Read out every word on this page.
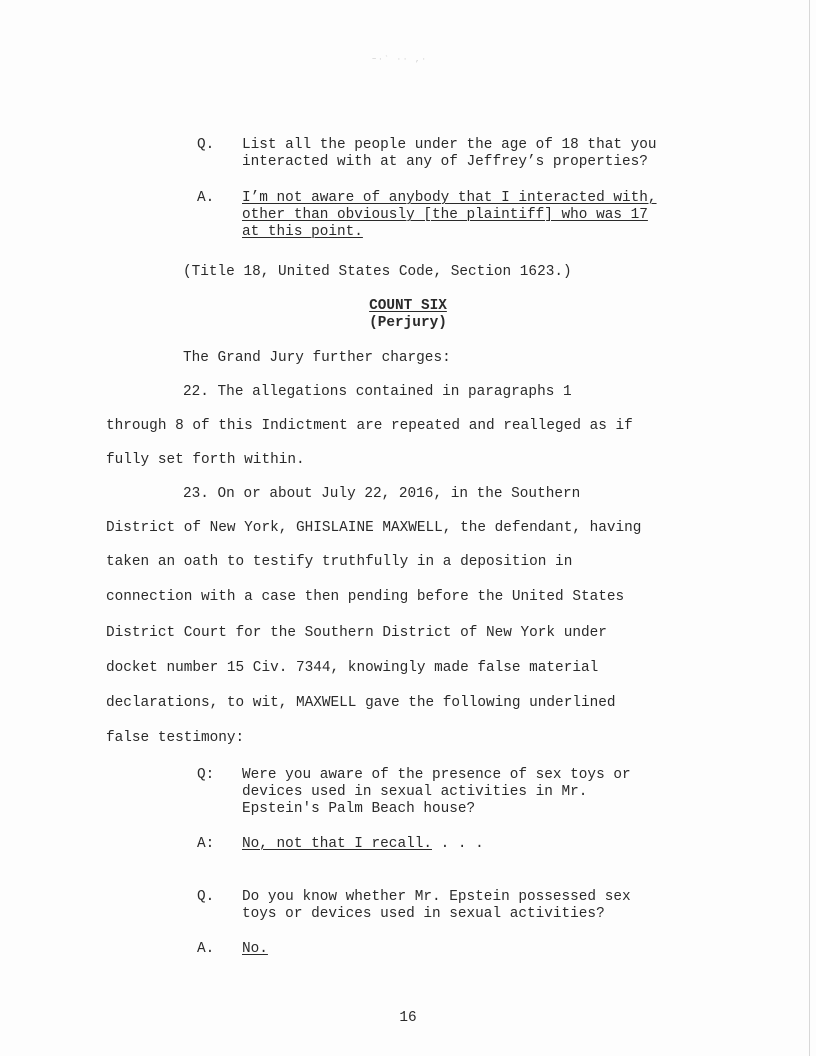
~·` ·· ,·
Q. List all the people under the age of 18 that you
interacted with at any of Jeffrey’s properties?
A. I’m not aware of anybody that I interacted with,
other than obviously [the plaintiff] who was 17
at this point.
(Title 18, United States Code, Section 1623.)
COUNT SIX
(Perjury)
The Grand Jury further charges:
22. The allegations contained in paragraphs 1
through 8 of this Indictment are repeated and realleged as if
fully set forth within.
23. On or about July 22, 2016, in the Southern
District of New York, GHISLAINE MAXWELL, the defendant, having
taken an oath to testify truthfully in a deposition in
connection with a case then pending before the United States
District Court for the Southern District of New York under
docket number 15 Civ. 7344, knowingly made false material
declarations, to wit, MAXWELL gave the following underlined
false testimony:
Q: Were you aware of the presence of sex toys or
devices used in sexual activities in Mr.
Epstein's Palm Beach house?
A: No, not that I recall. . . .
Q. Do you know whether Mr. Epstein possessed sex
toys or devices used in sexual activities?
A. No.
16
